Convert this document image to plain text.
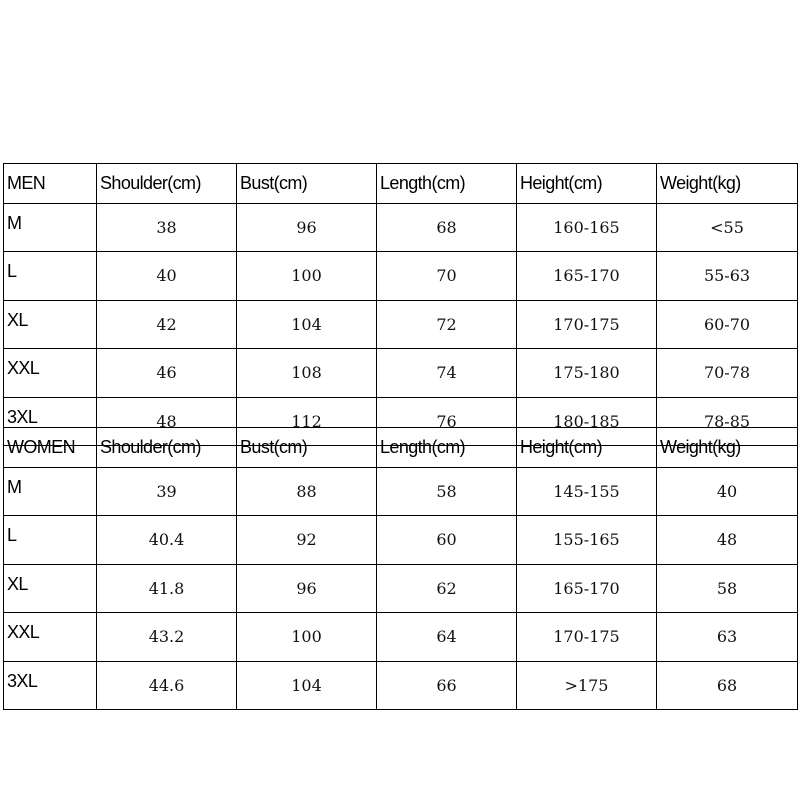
MEN	Shoulder(cm)	Bust(cm)	Length(cm)	Height(cm)	Weight(kg)
M	38	96	68	160-165	<55
L	40	100	70	165-170	55-63
XL	42	104	72	170-175	60-70
XXL	46	108	74	175-180	70-78
3XL	48	112	76	180-185	78-85
WOMEN	Shoulder(cm)	Bust(cm)	Length(cm)	Height(cm)	Weight(kg)
M	39	88	58	145-155	40
L	40.4	92	60	155-165	48
XL	41.8	96	62	165-170	58
XXL	43.2	100	64	170-175	63
3XL	44.6	104	66	>175	68
